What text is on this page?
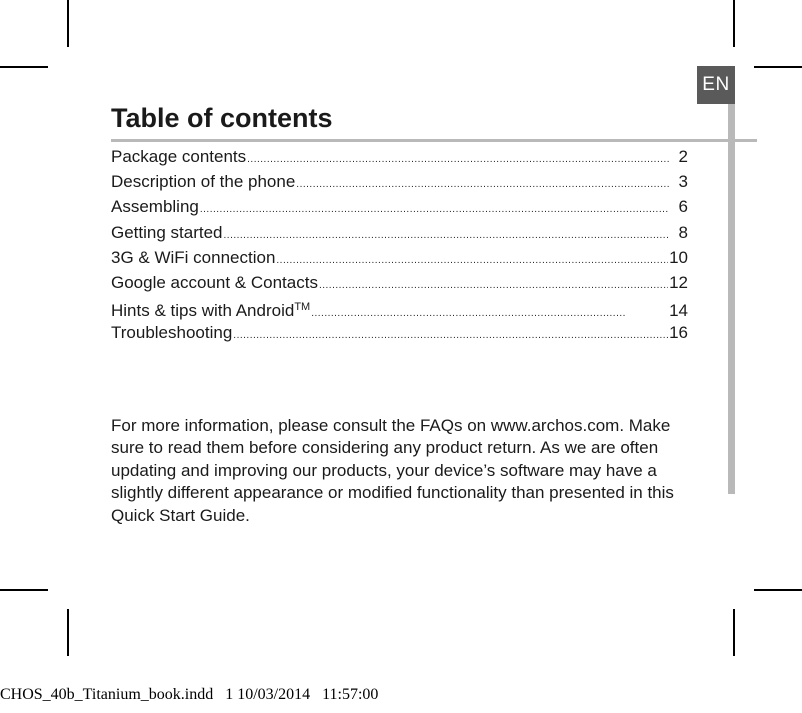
EN
Table of contents
Package contents .....	2
Description of the phone .....	3
Assembling .....	6
Getting started .....	8
3G & WiFi connection .....	10
Google account & Contacts .....	12
Hints & tips with Android™ .....	14
Troubleshooting .....	16

For more information, please consult the FAQs on www.archos.com. Make sure to read them before considering any product return. As we are often updating and improving our products, your device’s software may have a slightly different appearance or modified functionality than presented in this Quick Start Guide.

CHOS_40b_Titanium_book.indd   1 10/03/2014   11:57:00
